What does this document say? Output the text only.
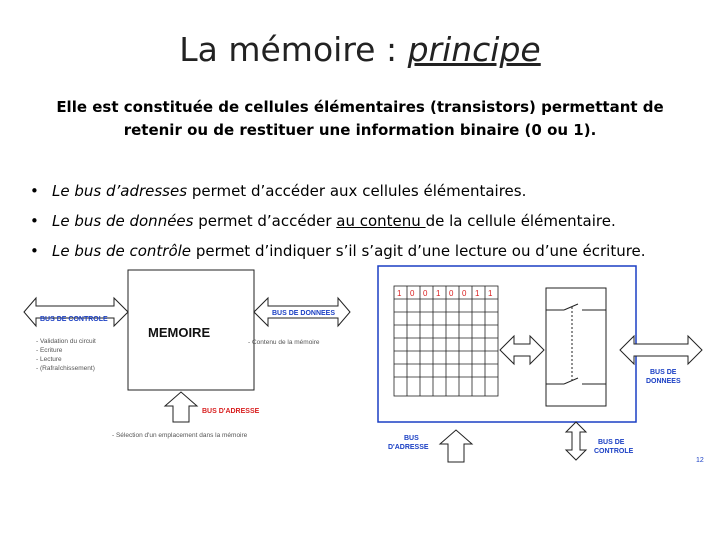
La mémoire : principe
Elle est constituée de cellules élémentaires (transistors) permettant de retenir ou de restituer une information binaire (0 ou 1).
• Le bus d’adresses permet d’accéder aux cellules élémentaires.
• Le bus de données permet d’accéder au contenu de la cellule élémentaire.
• Le bus de contrôle permet d’indiquer s’il s’agit d’une lecture ou d’une écriture.
MEMOIRE
BUS DE CONTROLE
- Validation du circuit
- Ecriture
- Lecture
- (Rafraîchissement)
BUS DE DONNEES
- Contenu de la mémoire
BUS D'ADRESSE
- Sélection d'un emplacement dans la mémoire
1 0 0 1 0 0 1 1
BUS DE
DONNEES
BUS
D'ADRESSE
BUS DE
CONTROLE
12
